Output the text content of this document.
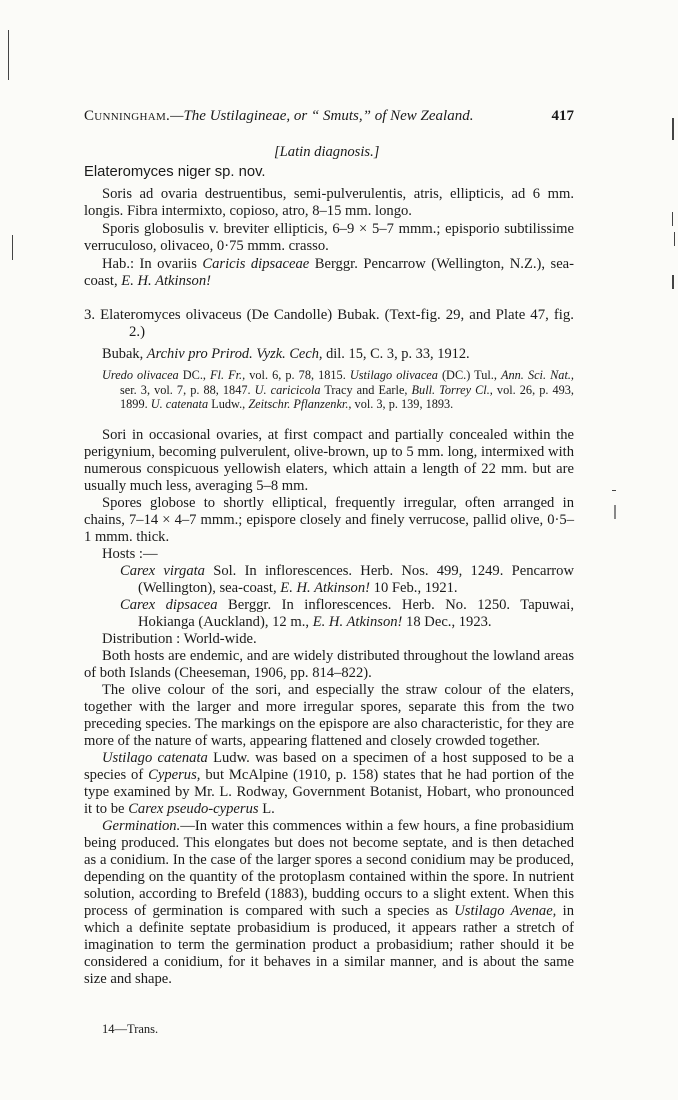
Cunningham.—The Ustilagineae, or “ Smuts,” of New Zealand.	417
[Latin diagnosis.]
Elateromyces niger sp. nov.
Soris ad ovaria destruentibus, semi-pulverulentis, atris, ellipticis, ad 6 mm. longis. Fibra intermixto, copioso, atro, 8–15 mm. longo.
Sporis globosulis v. breviter ellipticis, 6–9 × 5–7 mmm.; episporio subtilissime verruculoso, olivaceo, 0·75 mmm. crasso.
Hab.: In ovariis Caricis dipsaceae Berggr. Pencarrow (Wellington, N.Z.), sea-coast, E. H. Atkinson!
3. Elateromyces olivaceus (De Candolle) Bubak. (Text-fig. 29, and Plate 47, fig. 2.)
Bubak, Archiv pro Prirod. Vyzk. Cech, dil. 15, C. 3, p. 33, 1912.
Uredo olivacea DC., Fl. Fr., vol. 6, p. 78, 1815. Ustilago olivacea (DC.) Tul., Ann. Sci. Nat., ser. 3, vol. 7, p. 88, 1847. U. caricicola Tracy and Earle, Bull. Torrey Cl., vol. 26, p. 493, 1899. U. catenata Ludw., Zeitschr. Pflanzenkr., vol. 3, p. 139, 1893.
Sori in occasional ovaries, at first compact and partially concealed within the perigynium, becoming pulverulent, olive-brown, up to 5 mm. long, intermixed with numerous conspicuous yellowish elaters, which attain a length of 22 mm. but are usually much less, averaging 5–8 mm.
Spores globose to shortly elliptical, frequently irregular, often arranged in chains, 7–14 × 4–7 mmm.; epispore closely and finely verrucose, pallid olive, 0·5–1 mmm. thick.
Hosts :—
Carex virgata Sol. In inflorescences. Herb. Nos. 499, 1249. Pencarrow (Wellington), sea-coast, E. H. Atkinson! 10 Feb., 1921.
Carex dipsacea Berggr. In inflorescences. Herb. No. 1250. Tapuwai, Hokianga (Auckland), 12 m., E. H. Atkinson! 18 Dec., 1923.
Distribution : World-wide.
Both hosts are endemic, and are widely distributed throughout the lowland areas of both Islands (Cheeseman, 1906, pp. 814–822).
The olive colour of the sori, and especially the straw colour of the elaters, together with the larger and more irregular spores, separate this from the two preceding species. The markings on the epispore are also characteristic, for they are more of the nature of warts, appearing flattened and closely crowded together.
Ustilago catenata Ludw. was based on a specimen of a host supposed to be a species of Cyperus, but McAlpine (1910, p. 158) states that he had portion of the type examined by Mr. L. Rodway, Government Botanist, Hobart, who pronounced it to be Carex pseudo-cyperus L.
Germination.—In water this commences within a few hours, a fine probasidium being produced. This elongates but does not become septate, and is then detached as a conidium. In the case of the larger spores a second conidium may be produced, depending on the quantity of the protoplasm contained within the spore. In nutrient solution, according to Brefeld (1883), budding occurs to a slight extent. When this process of germination is compared with such a species as Ustilago Avenae, in which a definite septate probasidium is produced, it appears rather a stretch of imagination to term the germination product a probasidium; rather should it be considered a conidium, for it behaves in a similar manner, and is about the same size and shape.
14—Trans.
